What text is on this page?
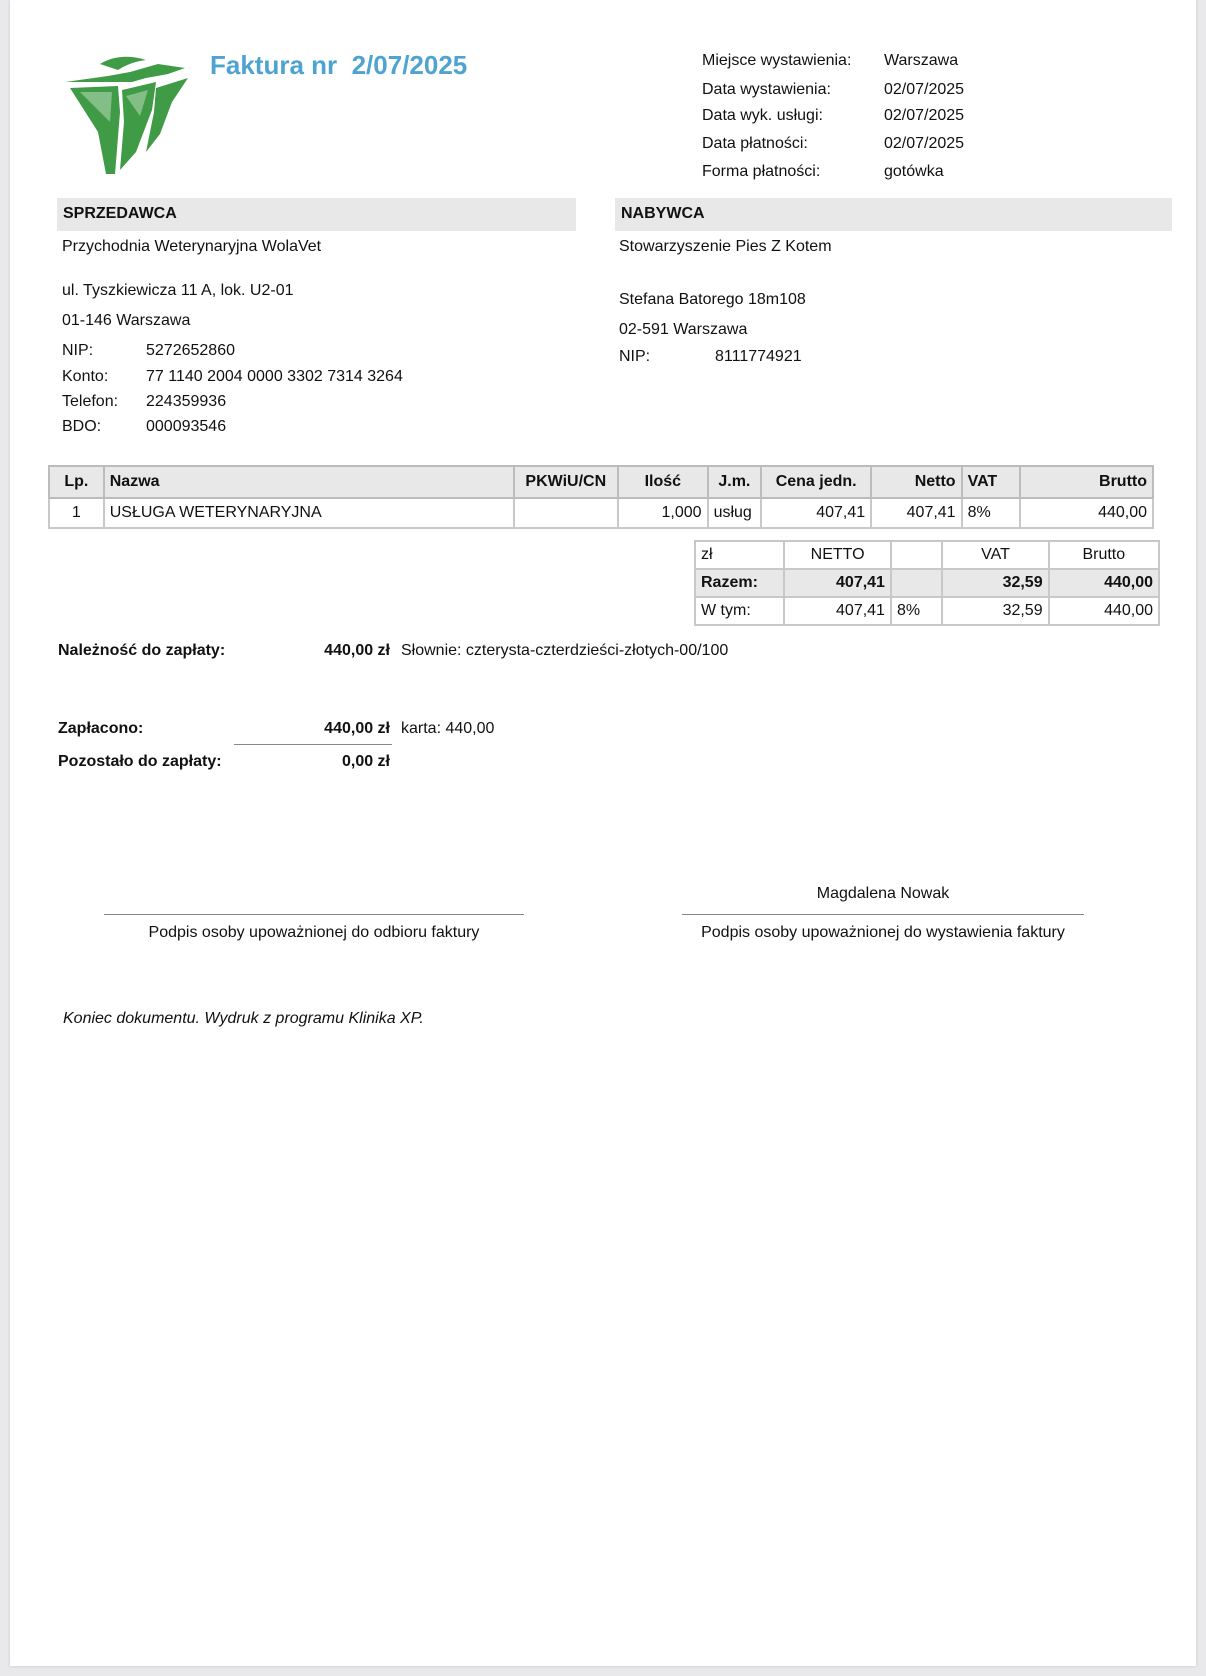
Faktura nr  2/07/2025	Miejsce wystawienia: Warszawa
Data wystawienia:	02/07/2025
Data wyk. usługi:	02/07/2025
Data płatności:	02/07/2025
Forma płatności:	gotówka
SPRZEDAWCA
Przychodnia Weterynaryjna WolaVet
ul. Tyszkiewicza 11 A, lok. U2-01
01-146 Warszawa
NIP:	5272652860
Konto: 77 1140 2004 0000 3302 7314 3264
Telefon: 224359936
BDO:	000093546
NABYWCA
Stowarzyszenie Pies Z Kotem
Stefana Batorego 18m108
02-591 Warszawa
NIP:	8111774921
Lp.	Nazwa	PKWiU/CN	Ilość	J.m.	Cena jedn.	Netto	VAT	Brutto
1	USŁUGA WETERYNARYJNA		1,000	usług	407,41	407,41	8%	440,00
zł	NETTO		VAT	Brutto
Razem:	407,41		32,59	440,00
W tym:	407,41	8%	32,59	440,00
Należność do zapłaty:	440,00 zł Słownie: czterysta-czterdzieści-złotych-00/100
Zapłacono:	440,00 zł karta: 440,00
Pozostało do zapłaty:	0,00 zł
Magdalena Nowak
Podpis osoby upoważnionej do odbioru faktury	Podpis osoby upoważnionej do wystawienia faktury
Koniec dokumentu. Wydruk z programu Klinika XP.
